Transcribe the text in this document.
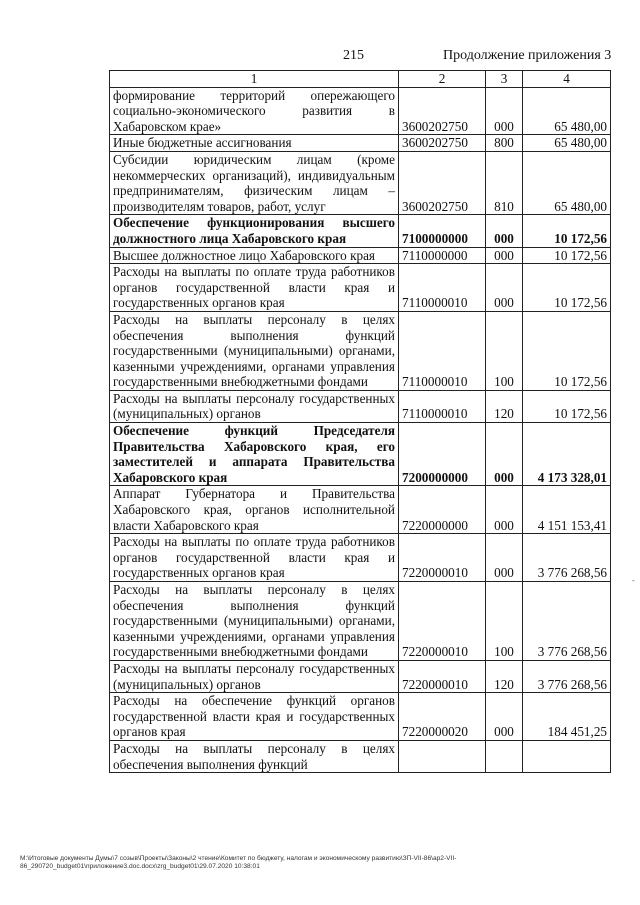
215	Продолжение приложения 3
1	2	3	4
формирование территорий опережающего социально-экономического развития в Хабаровском крае»	3600202750	000	65 480,00
Иные бюджетные ассигнования	3600202750	800	65 480,00
Субсидии юридическим лицам (кроме некоммерческих организаций), индивидуальным предпринимателям, физическим лицам – производителям товаров, работ, услуг	3600202750	810	65 480,00
Обеспечение функционирования высшего должностного лица Хабаровского края	7100000000	000	10 172,56
Высшее должностное лицо Хабаровского края	7110000000	000	10 172,56
Расходы на выплаты по оплате труда работников органов государственной власти края и государственных органов края	7110000010	000	10 172,56
Расходы на выплаты персоналу в целях обеспечения выполнения функций государственными (муниципальными) органами, казенными учреждениями, органами управления государственными внебюджетными фондами	7110000010	100	10 172,56
Расходы на выплаты персоналу государственных (муниципальных) органов	7110000010	120	10 172,56
Обеспечение функций Председателя Правительства Хабаровского края, его заместителей и аппарата Правительства Хабаровского края	7200000000	000	4 173 328,01
Аппарат Губернатора и Правительства Хабаровского края, органов исполнительной власти Хабаровского края	7220000000	000	4 151 153,41
Расходы на выплаты по оплате труда работников органов государственной власти края и государственных органов края	7220000010	000	3 776 268,56
Расходы на выплаты персоналу в целях обеспечения выполнения функций государственными (муниципальными) органами, казенными учреждениями, органами управления государственными внебюджетными фондами	7220000010	100	3 776 268,56
Расходы на выплаты персоналу государственных (муниципальных) органов	7220000010	120	3 776 268,56
Расходы на обеспечение функций органов государственной власти края и государственных органов края	7220000020	000	184 451,25
Расходы на выплаты персоналу в целях обеспечения выполнения функций			
М:\Итоговые документы Думы\7 созыв\Проекты\Законы\2 чтение\Комитет по бюджету, налогам и экономическому развитию\ЗП-VII-86\ap2-VII-
86_290720_budget01\приложение3.doc.docx\zrg_budget01\29.07.2020 10:38:01
-
